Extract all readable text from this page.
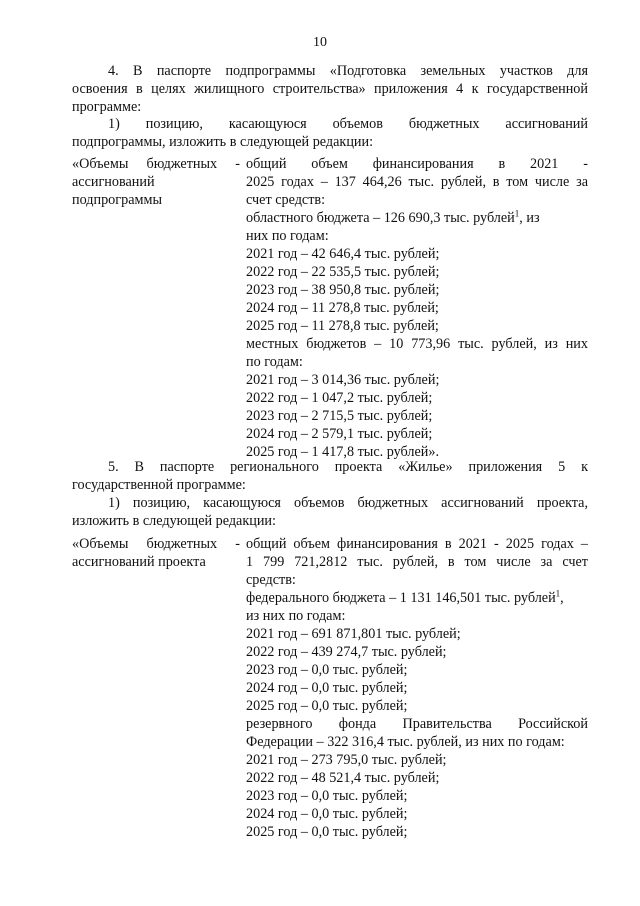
10
4. В паспорте подпрограммы «Подготовка земельных участков для
освоения в целях жилищного строительства» приложения 4 к государственной
программе:
1) позицию, касающуюся объемов бюджетных ассигнований
подпрограммы, изложить в следующей редакции:
«Объемы бюджетных -
ассигнований
подпрограммы
общий объем финансирования в 2021 -
2025 годах – 137 464,26 тыс. рублей, в том числе за
счет средств:
областного бюджета – 126 690,3 тыс. рублей$^1$, из
них по годам:
2021 год – 42 646,4 тыс. рублей;
2022 год – 22 535,5 тыс. рублей;
2023 год – 38 950,8 тыс. рублей;
2024 год – 11 278,8 тыс. рублей;
2025 год – 11 278,8 тыс. рублей;
местных бюджетов – 10 773,96 тыс. рублей, из них
по годам:
2021 год – 3 014,36 тыс. рублей;
2022 год – 1 047,2 тыс. рублей;
2023 год – 2 715,5 тыс. рублей;
2024 год – 2 579,1 тыс. рублей;
2025 год – 1 417,8 тыс. рублей».
5. В паспорте регионального проекта «Жилье» приложения 5 к
государственной программе:
1) позицию, касающуюся объемов бюджетных ассигнований проекта,
изложить в следующей редакции:
«Объемы бюджетных -
ассигнований проекта
общий объем финансирования в 2021 - 2025 годах –
1 799 721,2812 тыс. рублей, в том числе за счет
средств:
федерального бюджета – 1 131 146,501 тыс. рублей$^1$,
из них по годам:
2021 год – 691 871,801 тыс. рублей;
2022 год – 439 274,7 тыс. рублей;
2023 год – 0,0 тыс. рублей;
2024 год – 0,0 тыс. рублей;
2025 год – 0,0 тыс. рублей;
резервного фонда Правительства Российской
Федерации – 322 316,4 тыс. рублей, из них по годам:
2021 год – 273 795,0 тыс. рублей;
2022 год – 48 521,4 тыс. рублей;
2023 год – 0,0 тыс. рублей;
2024 год – 0,0 тыс. рублей;
2025 год – 0,0 тыс. рублей;
